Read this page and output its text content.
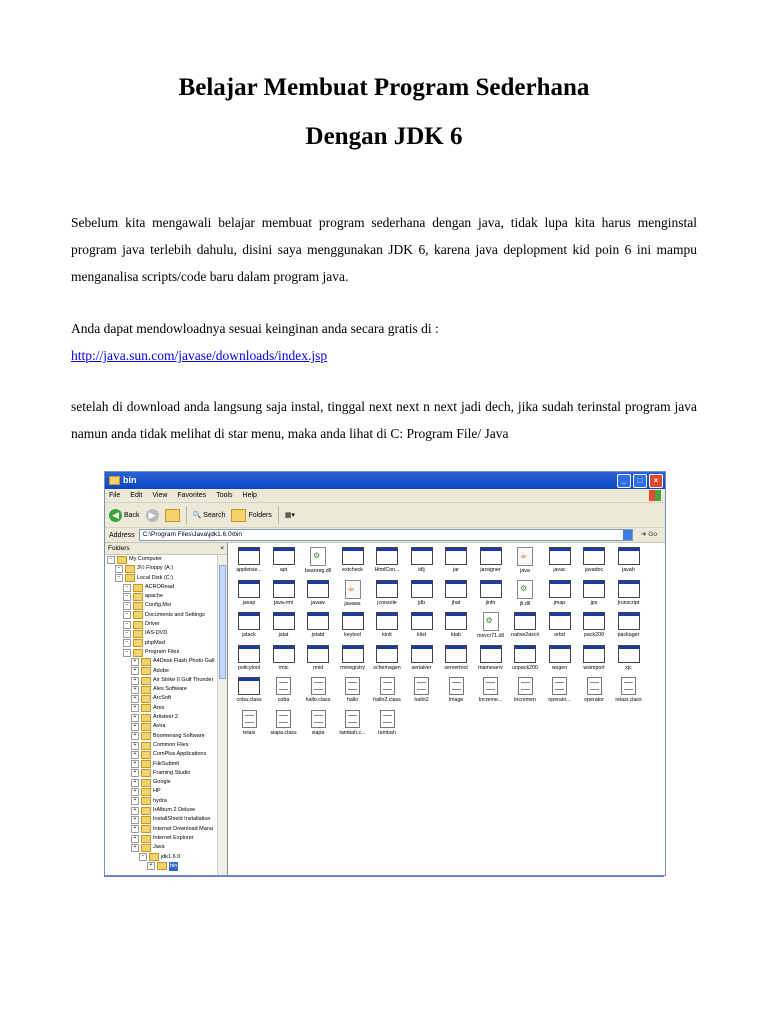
Belajar Membuat Program Sederhana
Dengan JDK 6
Sebelum kita mengawali belajar membuat program sederhana dengan java, tidak lupa kita harus menginstal program java terlebih dahulu, disini saya menggunakan JDK 6, karena java deplopment kid poin 6 ini mampu menganalisa scripts/code baru dalam program java.
Anda dapat mendowloadnya sesuai keinginan anda secara gratis di :
http://java.sun.com/javase/downloads/index.jsp
setelah di download anda langsung saja instal, tinggal next next n next jadi dech, jika sudah terinstal program java namun anda tidak melihat di star menu, maka anda lihat di C: Program File/ Java
bin	_	□	×
File Edit View Favorites Tools Help
◀ Back	▶	🔍 Search	Folders ▦▾
Address	C:\Program Files\Java\jdk1.6.0\bin	➜ Go
Folders	×
−	My Computer
−	3½ Floppy (A:)
−	Local Disk (C:)
−	ACRORead
−	apache
−	Config.Msi
−	Documents and Settings
−	Driver
−	IAS-DVD
−	phpMad
−	Program Files
+	A4Desk Flash Photo Gall
+	Adobe
+	Air Strike II Gulf Thunder
+	Ales Software
+	ArcSoft
+	Ares
+	Artisteer 2
+	Avira
+	Boomerang Software
+	Common Files
+	ComPlus Applications
+	FileSubmit
+	Framing Studio
+	Google
+	HP
+	hydra
+	IrAlbum 2 Deluxe
+	InstallShield Installation
+	Internet Download Mana
+	Internet Explorer
+	Java
−	jdk1.6.0
+	bin
appletvie...	apt
⚙	beanreg.dll	extcheck	HtmlCon...	idlj	jar	jarsigner
☕	java	javac	javadoc	javah
javap	java-rmi	javaw
☕	javaws	jconsole	jdb	jhat	jinfo
⚙	jli.dll	jmap	jps	jrunscript
jstack	jstat	jstatd	keytool	kinit	klist	ktab
⚙	msvcr71.dll	native2ascii	orbd	pack200	packager
policytool	rmic	rmid	rmiregistry	schemagen	serialver	servertool	tnameserv	unpack200	wsgen	wsimport	xjc
coba.class	coba	hallo.class	hallo	hallo2.class	hallo2	Image	Increme...	Incremen	operato...	operator	relasi.class
relasi	siapa.class	siapa	tambah.c...	tambah
